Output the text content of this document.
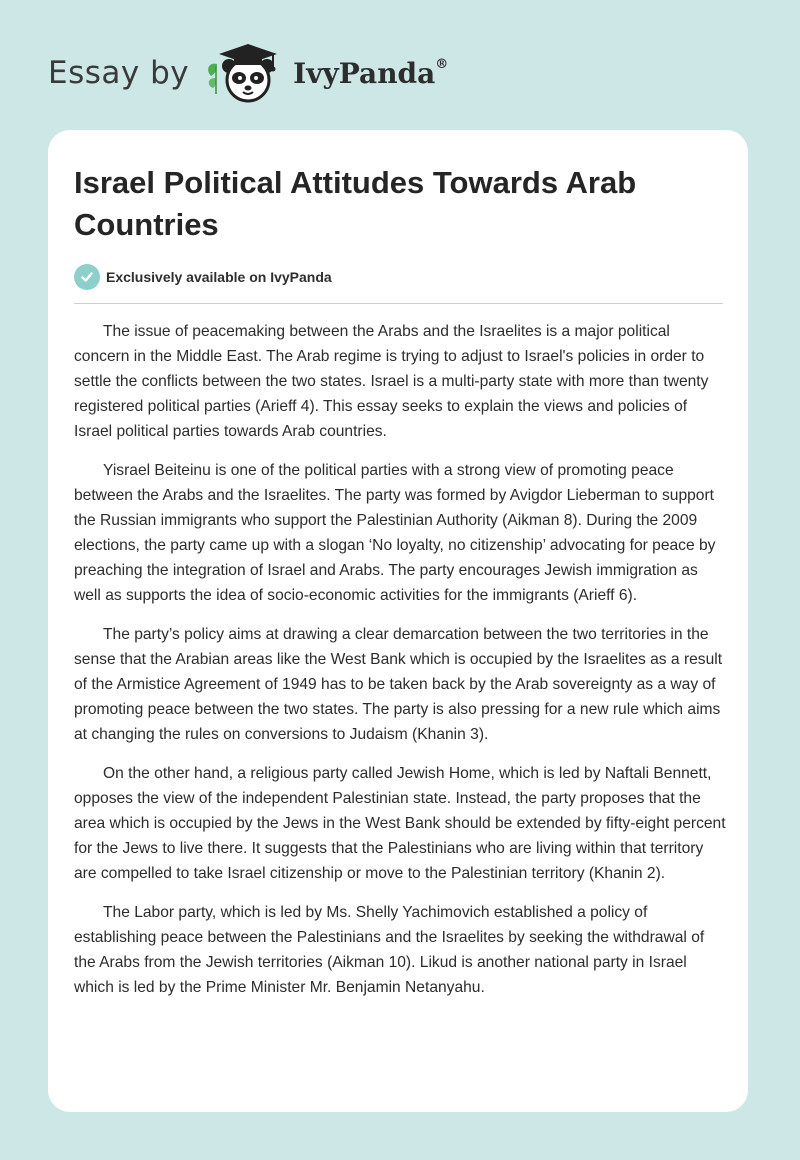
Essay by	IvyPanda®
Israel Political Attitudes Towards Arab Countries
Exclusively available on IvyPanda

The issue of peacemaking between the Arabs and the Israelites is a major political concern in the Middle East. The Arab regime is trying to adjust to Israel's policies in order to settle the conflicts between the two states. Israel is a multi-party state with more than twenty registered political parties (Arieff 4). This essay seeks to explain the views and policies of Israel political parties towards Arab countries.

Yisrael Beiteinu is one of the political parties with a strong view of promoting peace between the Arabs and the Israelites. The party was formed by Avigdor Lieberman to support the Russian immigrants who support the Palestinian Authority (Aikman 8). During the 2009 elections, the party came up with a slogan ‘No loyalty, no citizenship’ advocating for peace by preaching the integration of Israel and Arabs. The party encourages Jewish immigration as well as supports the idea of socio-economic activities for the immigrants (Arieff 6).

The party’s policy aims at drawing a clear demarcation between the two territories in the sense that the Arabian areas like the West Bank which is occupied by the Israelites as a result of the Armistice Agreement of 1949 has to be taken back by the Arab sovereignty as a way of promoting peace between the two states. The party is also pressing for a new rule which aims at changing the rules on conversions to Judaism (Khanin 3).

On the other hand, a religious party called Jewish Home, which is led by Naftali Bennett, opposes the view of the independent Palestinian state. Instead, the party proposes that the area which is occupied by the Jews in the West Bank should be extended by fifty-eight percent for the Jews to live there. It suggests that the Palestinians who are living within that territory are compelled to take Israel citizenship or move to the Palestinian territory (Khanin 2).

The Labor party, which is led by Ms. Shelly Yachimovich established a policy of establishing peace between the Palestinians and the Israelites by seeking the withdrawal of the Arabs from the Jewish territories (Aikman 10). Likud is another national party in Israel which is led by the Prime Minister Mr. Benjamin Netanyahu.
